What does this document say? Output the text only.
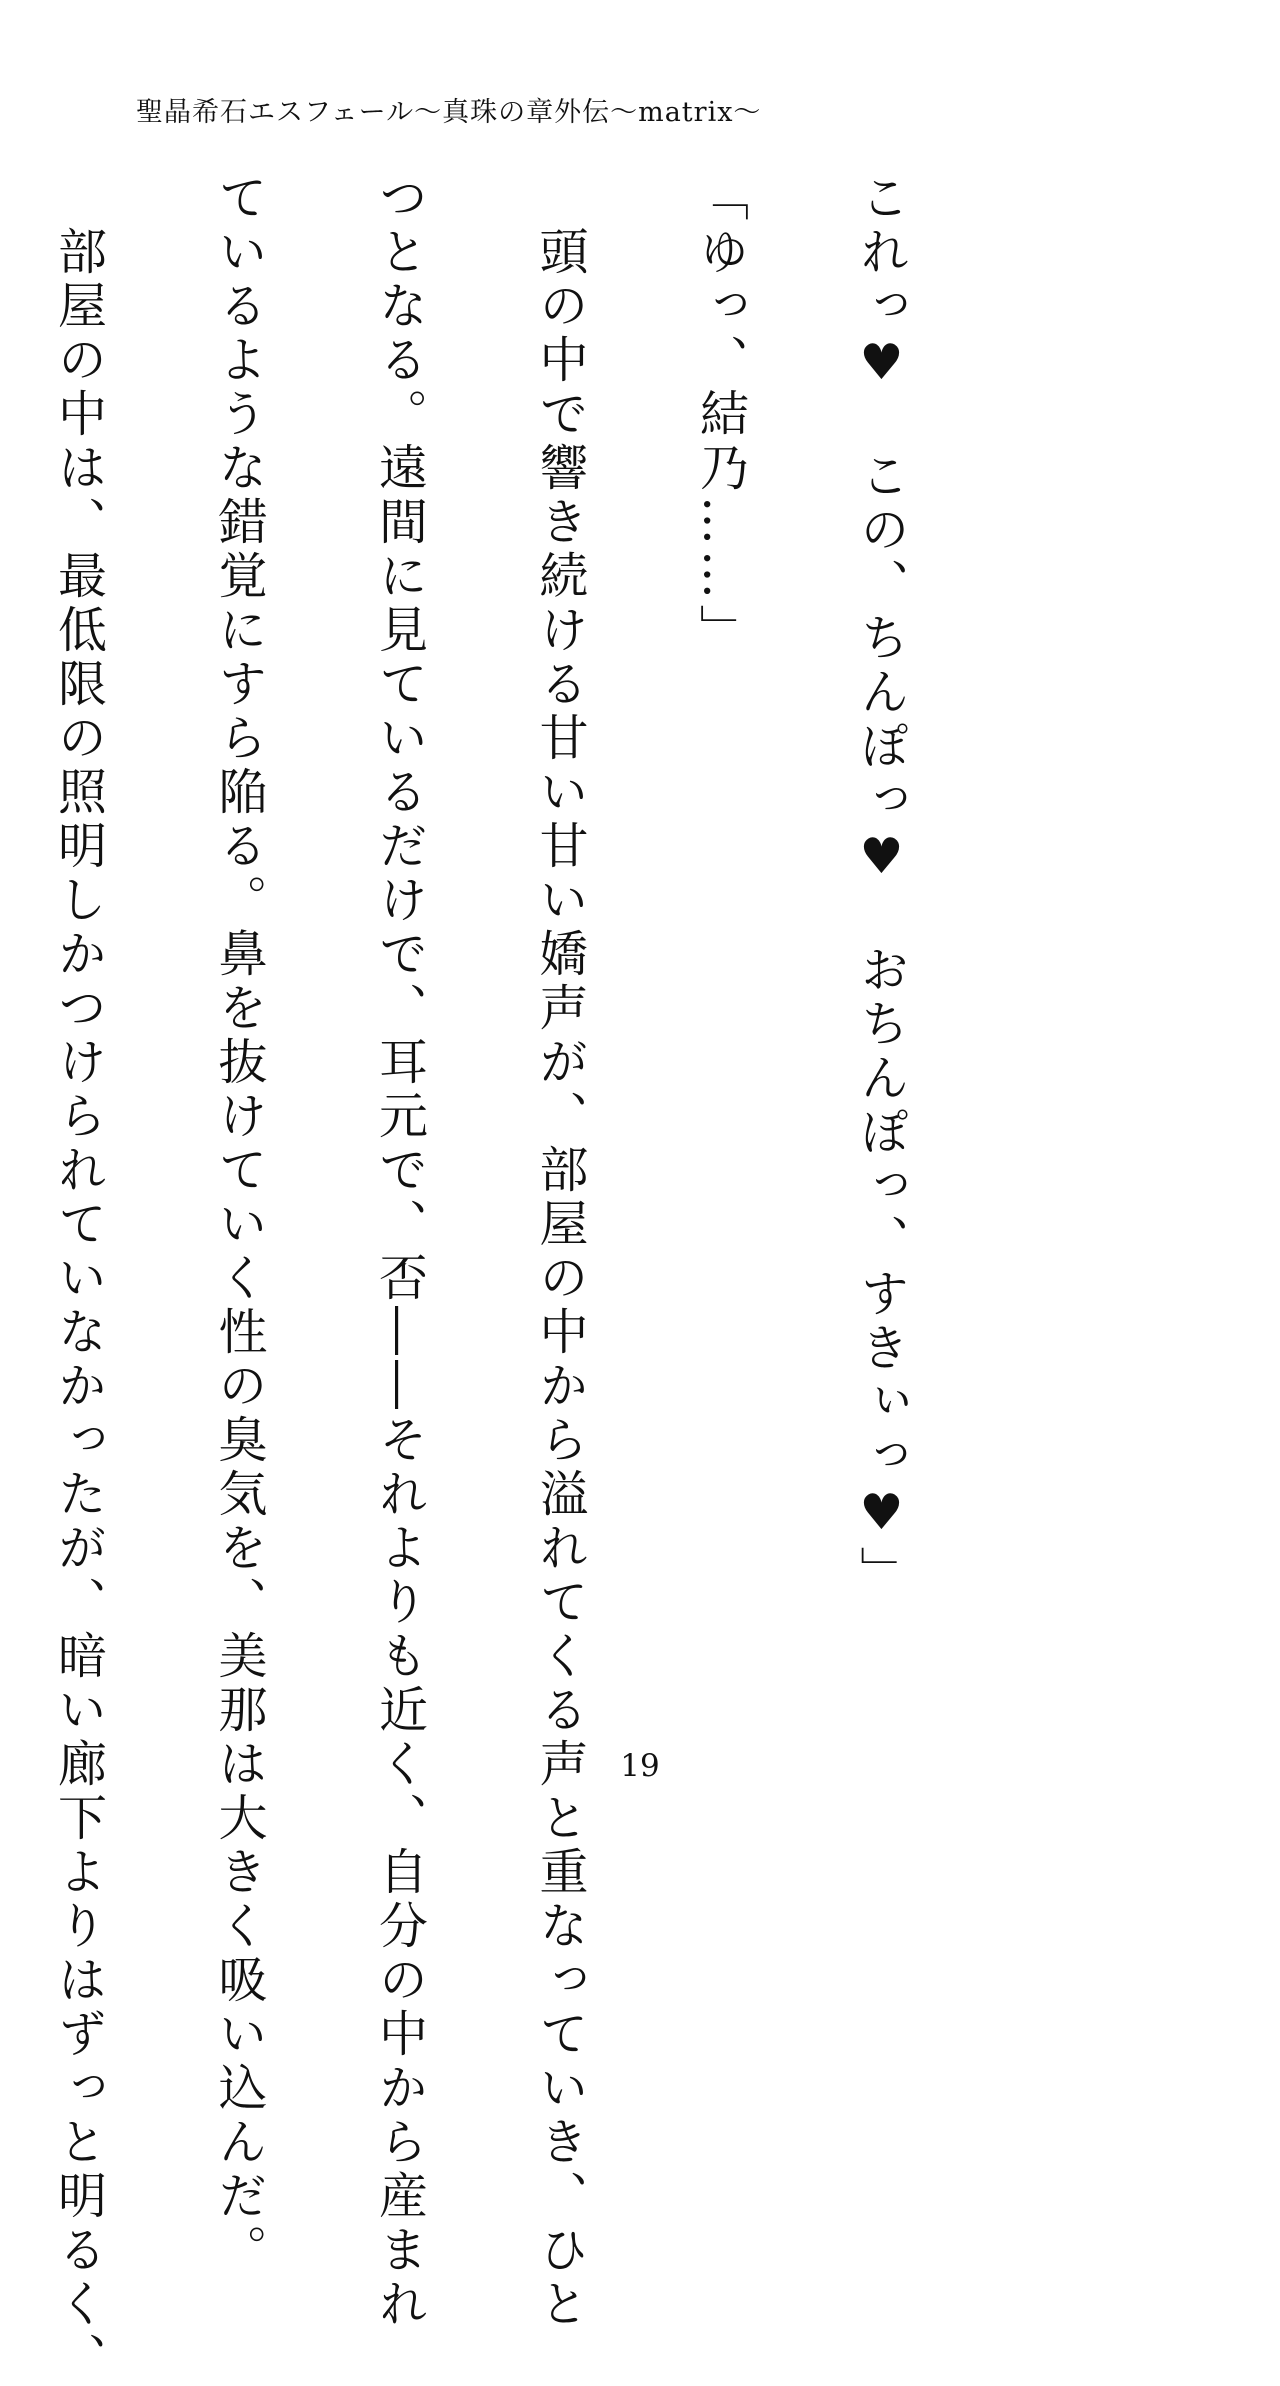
聖晶希石エスフェール〜真珠の章外伝〜matrix〜

これっ♥　この、ちんぽっ♥　おちんぽっ、すきぃっ♥」

「ゆっ、結乃……」

　頭の中で響き続ける甘い甘い嬌声が、部屋の中から溢れてくる声と重なっていき、ひと

つとなる。遠間に見ているだけで、耳元で、否――それよりも近く、自分の中から産まれ

ているような錯覚にすら陥る。鼻を抜けていく性の臭気を、美那は大きく吸い込んだ。

　部屋の中は、最低限の照明しかつけられていなかったが、暗い廊下よりはずっと明るく、

	19
